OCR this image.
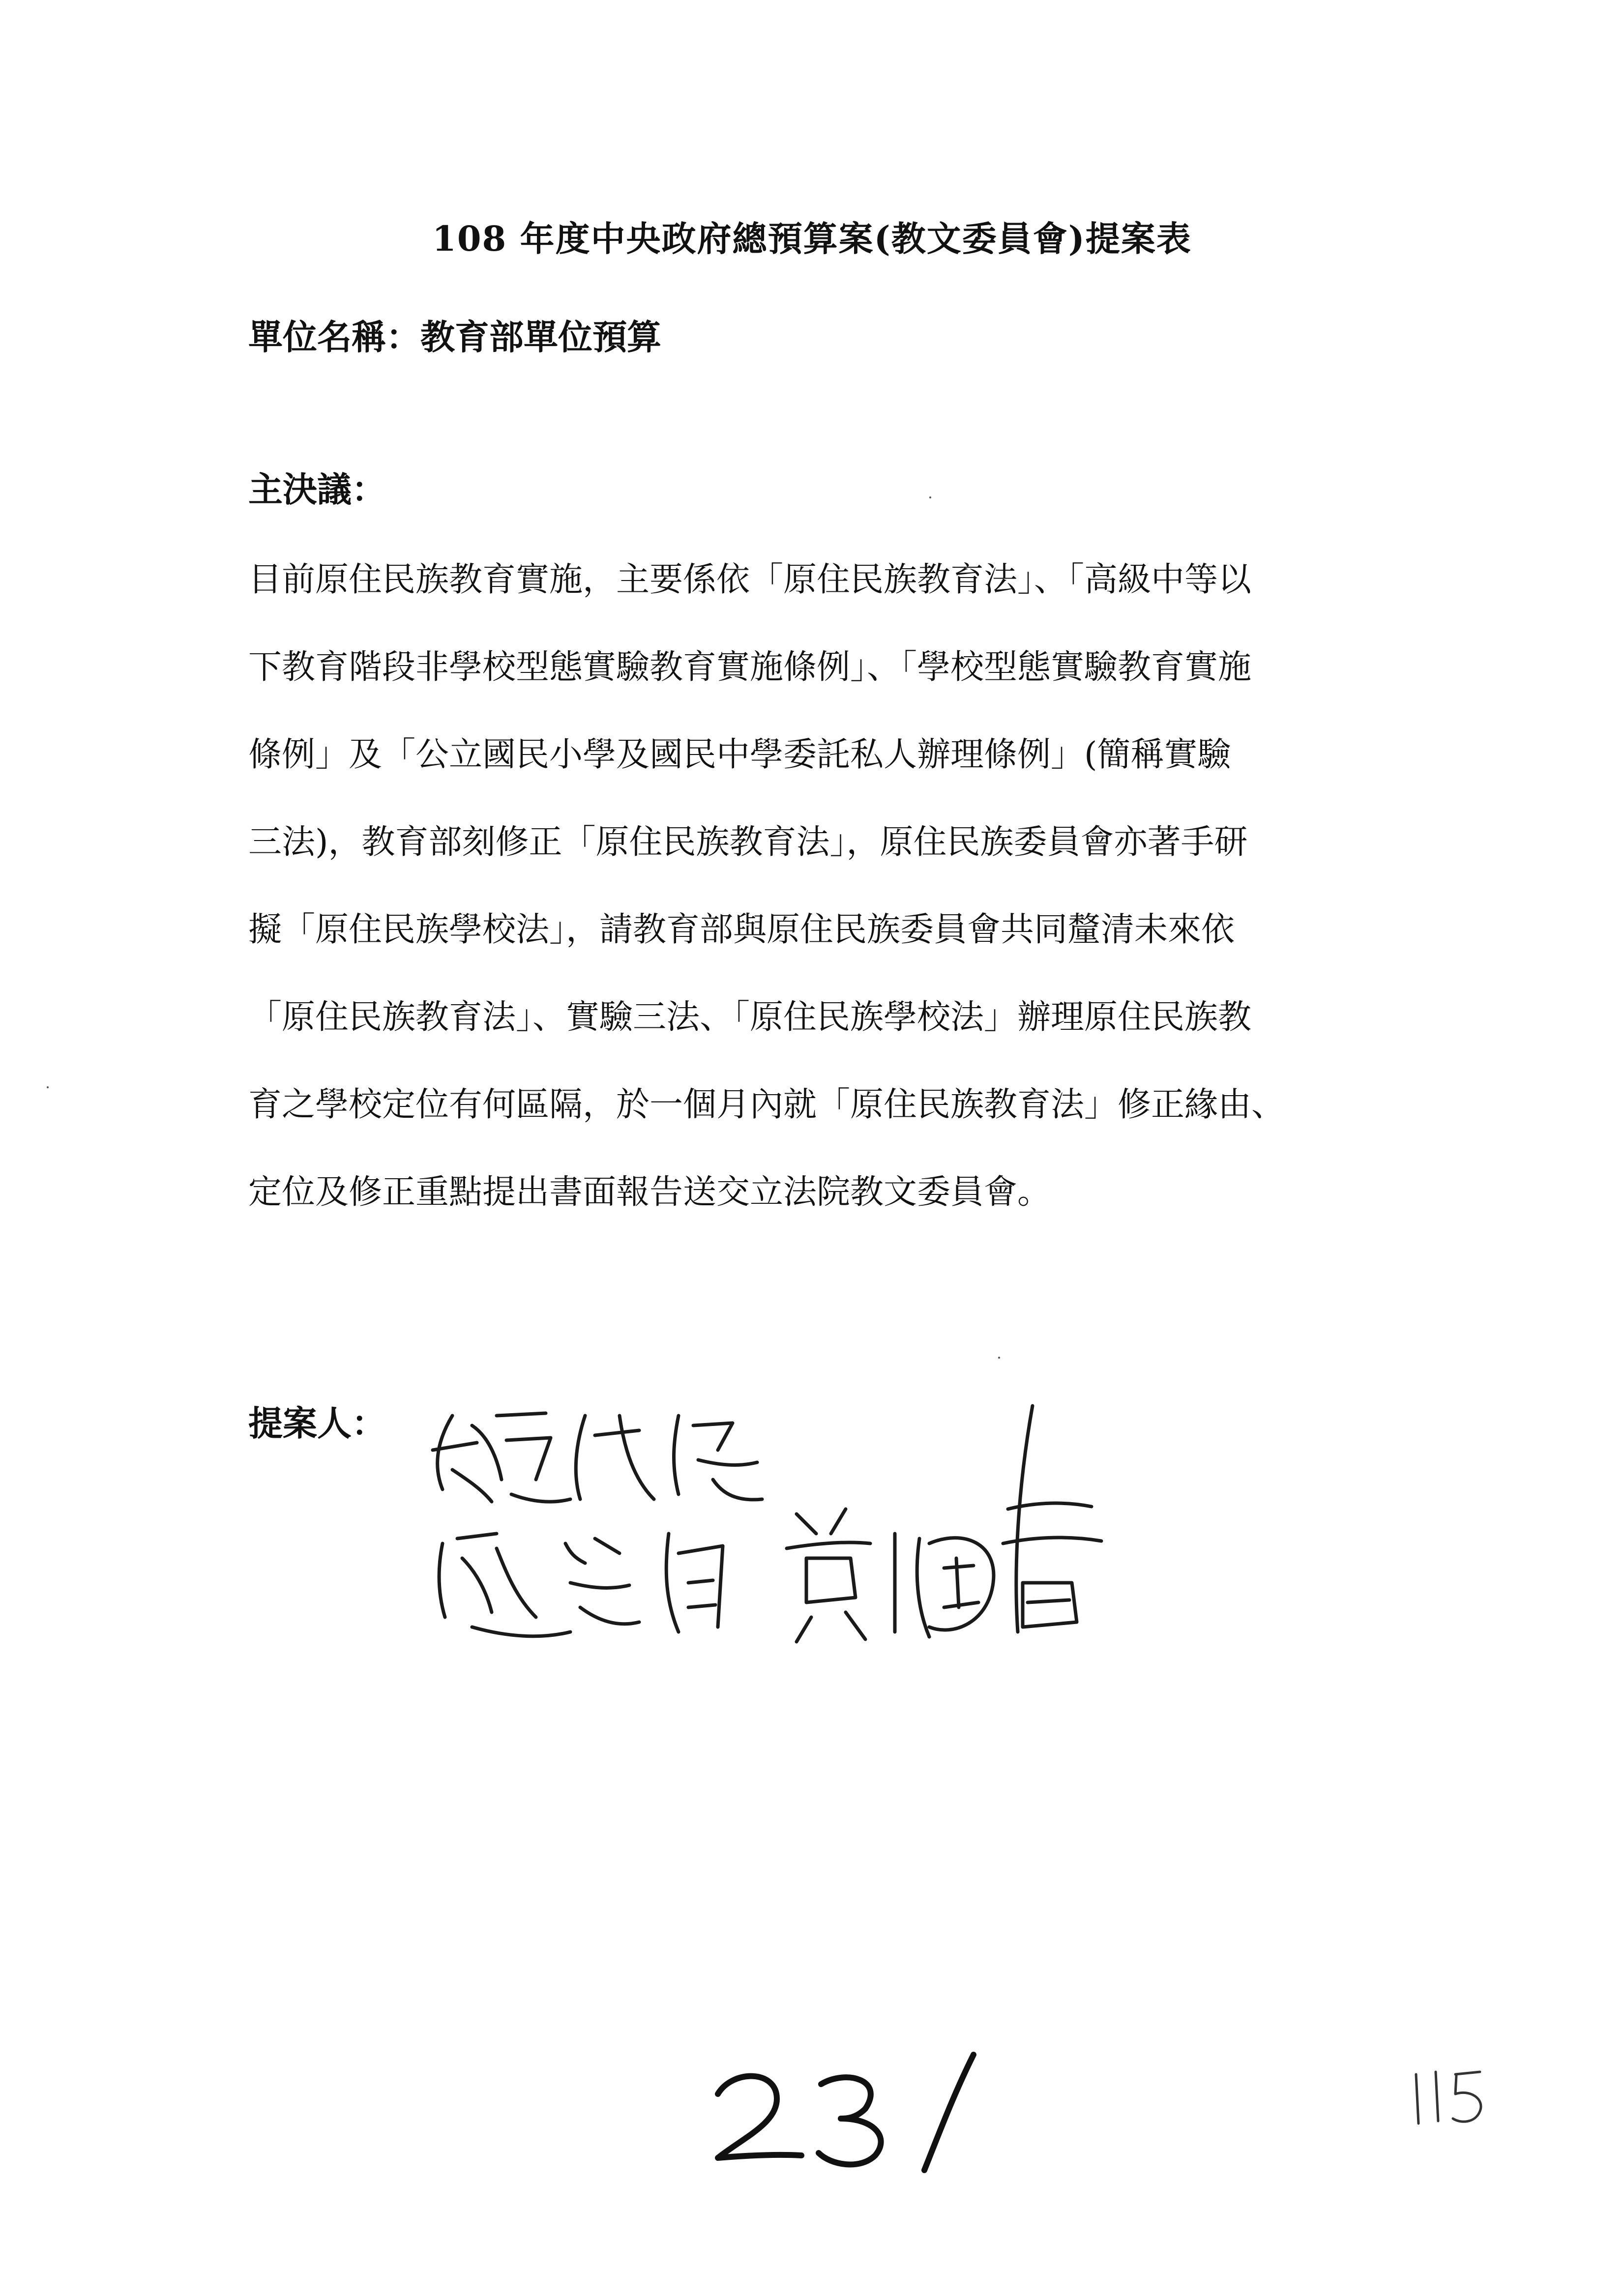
108 年度中央政府總預算案(教文委員會)提案表
單位名稱：教育部單位預算
主決議：
目前原住民族教育實施，主要係依「原住民族教育法」、「高級中等以
下教育階段非學校型態實驗教育實施條例」、「學校型態實驗教育實施
條例」及「公立國民小學及國民中學委託私人辦理條例」(簡稱實驗
三法)，教育部刻修正「原住民族教育法」，原住民族委員會亦著手研
擬「原住民族學校法」，請教育部與原住民族委員會共同釐清未來依
「原住民族教育法」、實驗三法、「原住民族學校法」辦理原住民族教
育之學校定位有何區隔，於一個月內就「原住民族教育法」修正緣由、
定位及修正重點提出書面報告送交立法院教文委員會。
提案人：
